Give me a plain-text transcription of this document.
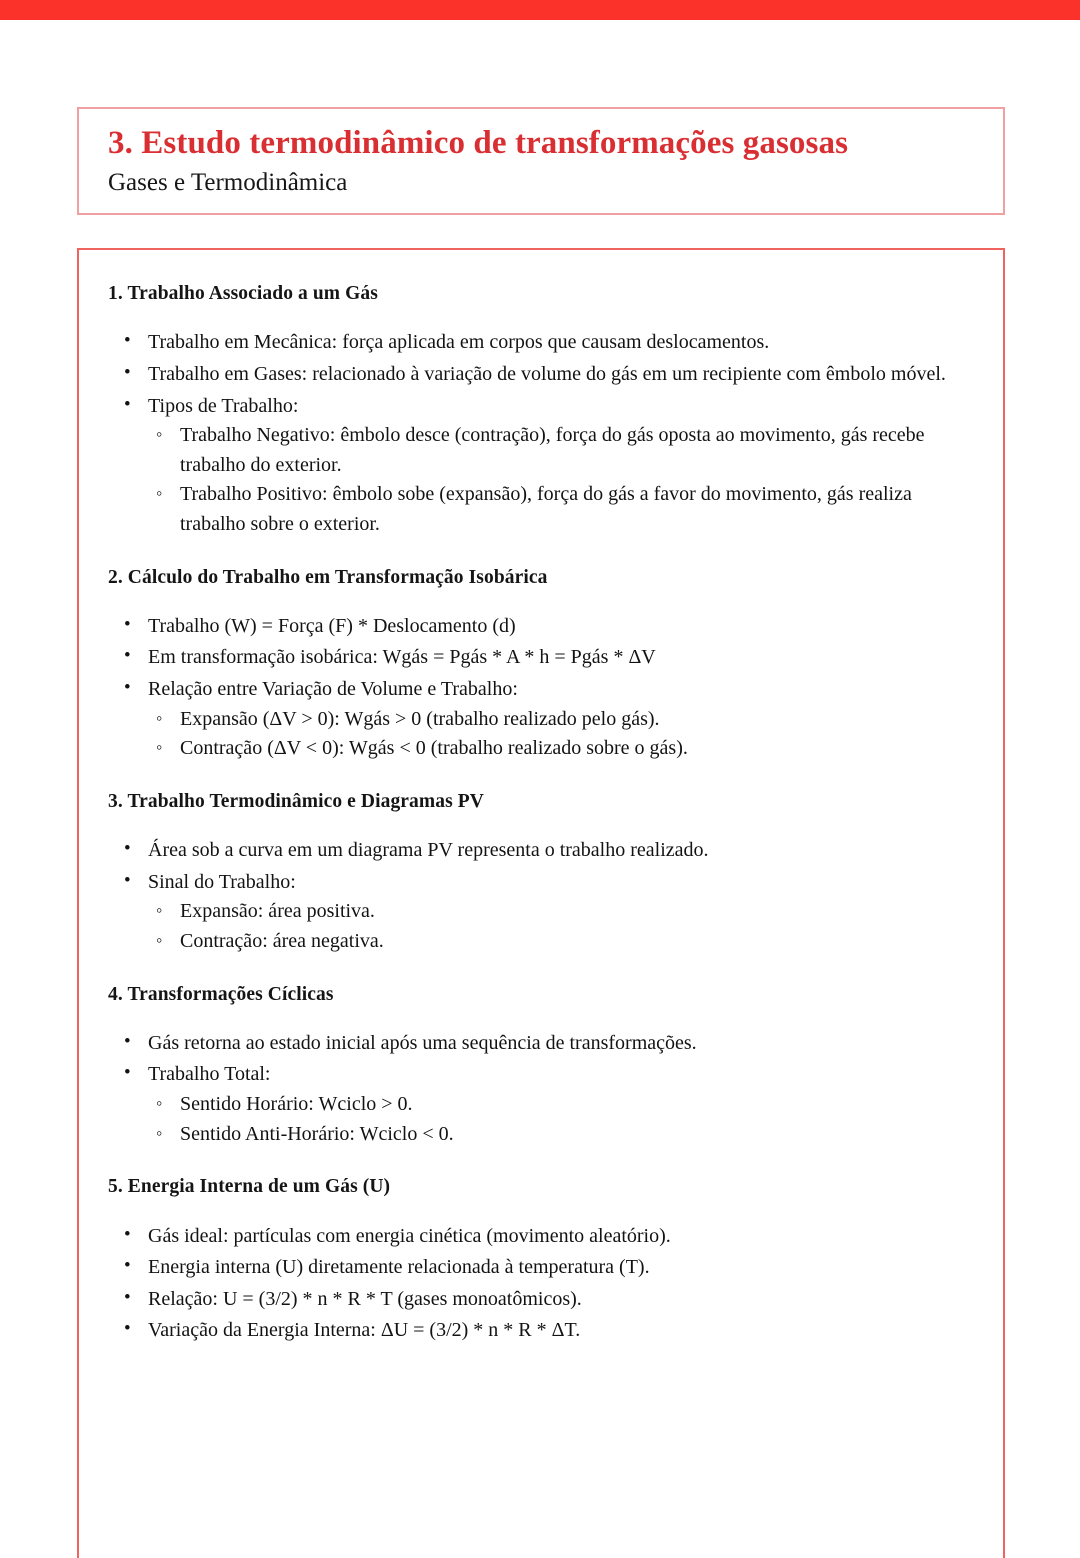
3. Estudo termodinâmico de transformações gasosas
Gases e Termodinâmica
1. Trabalho Associado a um Gás
• Trabalho em Mecânica: força aplicada em corpos que causam deslocamentos.
• Trabalho em Gases: relacionado à variação de volume do gás em um recipiente com êmbolo móvel.
• Tipos de Trabalho:
◦ Trabalho Negativo: êmbolo desce (contração), força do gás oposta ao movimento, gás recebe trabalho do exterior.
◦ Trabalho Positivo: êmbolo sobe (expansão), força do gás a favor do movimento, gás realiza trabalho sobre o exterior.
2. Cálculo do Trabalho em Transformação Isobárica
• Trabalho (W) = Força (F) * Deslocamento (d)
• Em transformação isobárica: Wgás = Pgás * A * h = Pgás * ΔV
• Relação entre Variação de Volume e Trabalho:
◦ Expansão (ΔV > 0): Wgás > 0 (trabalho realizado pelo gás).
◦ Contração (ΔV < 0): Wgás < 0 (trabalho realizado sobre o gás).
3. Trabalho Termodinâmico e Diagramas PV
• Área sob a curva em um diagrama PV representa o trabalho realizado.
• Sinal do Trabalho:
◦ Expansão: área positiva.
◦ Contração: área negativa.
4. Transformações Cíclicas
• Gás retorna ao estado inicial após uma sequência de transformações.
• Trabalho Total:
◦ Sentido Horário: Wciclo > 0.
◦ Sentido Anti-Horário: Wciclo < 0.
5. Energia Interna de um Gás (U)
• Gás ideal: partículas com energia cinética (movimento aleatório).
• Energia interna (U) diretamente relacionada à temperatura (T).
• Relação: U = (3/2) * n * R * T (gases monoatômicos).
• Variação da Energia Interna: ΔU = (3/2) * n * R * ΔT.
